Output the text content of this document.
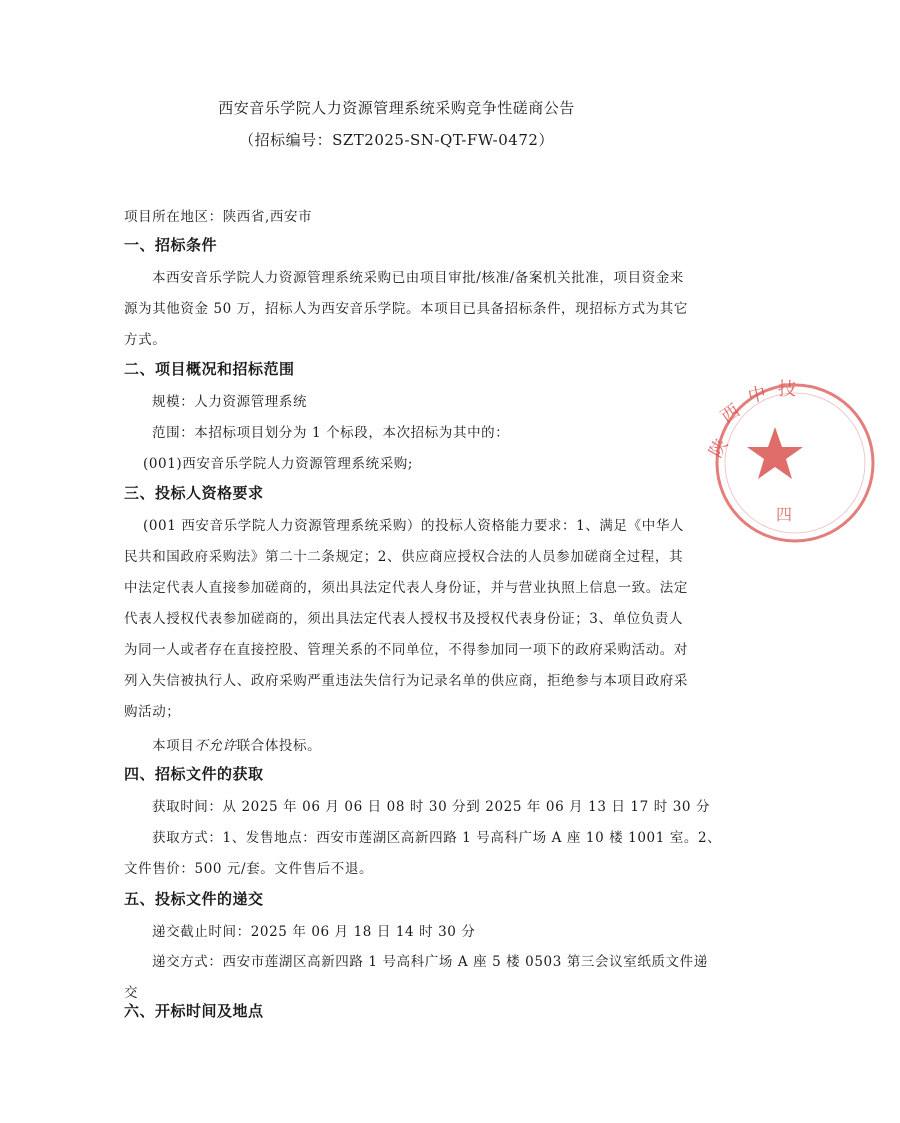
西安音乐学院人力资源管理系统采购竞争性磋商公告
（招标编号：SZT2025-SN-QT-FW-0472）
项目所在地区：陕西省,西安市
一、招标条件
本西安音乐学院人力资源管理系统采购已由项目审批/核准/备案机关批准，项目资金来
源为其他资金 50 万，招标人为西安音乐学院。本项目已具备招标条件，现招标方式为其它
方式。
二、项目概况和招标范围
规模：人力资源管理系统
范围：本招标项目划分为 1 个标段，本次招标为其中的：
(001)西安音乐学院人力资源管理系统采购;
三、投标人资格要求
(001 西安音乐学院人力资源管理系统采购）的投标人资格能力要求：1、满足《中华人
民共和国政府采购法》第二十二条规定；2、供应商应授权合法的人员参加磋商全过程，其
中法定代表人直接参加磋商的，须出具法定代表人身份证，并与营业执照上信息一致。法定
代表人授权代表参加磋商的，须出具法定代表人授权书及授权代表身份证；3、单位负责人
为同一人或者存在直接控股、管理关系的不同单位，不得参加同一项下的政府采购活动。对
列入失信被执行人、政府采购严重违法失信行为记录名单的供应商，拒绝参与本项目政府采
购活动；
本项目不允许联合体投标。
四、招标文件的获取
获取时间：从 2025 年 06 月 06 日 08 时 30 分到 2025 年 06 月 13 日 17 时 30 分
获取方式：1、发售地点：西安市莲湖区高新四路 1 号高科广场 A 座 10 楼 1001 室。2、
文件售价：500 元/套。文件售后不退。
五、投标文件的递交
递交截止时间：2025 年 06 月 18 日 14 时 30 分
递交方式：西安市莲湖区高新四路 1 号高科广场 A 座 5 楼 0503 第三会议室纸质文件递
交
六、开标时间及地点
陕
西
中 技
四
